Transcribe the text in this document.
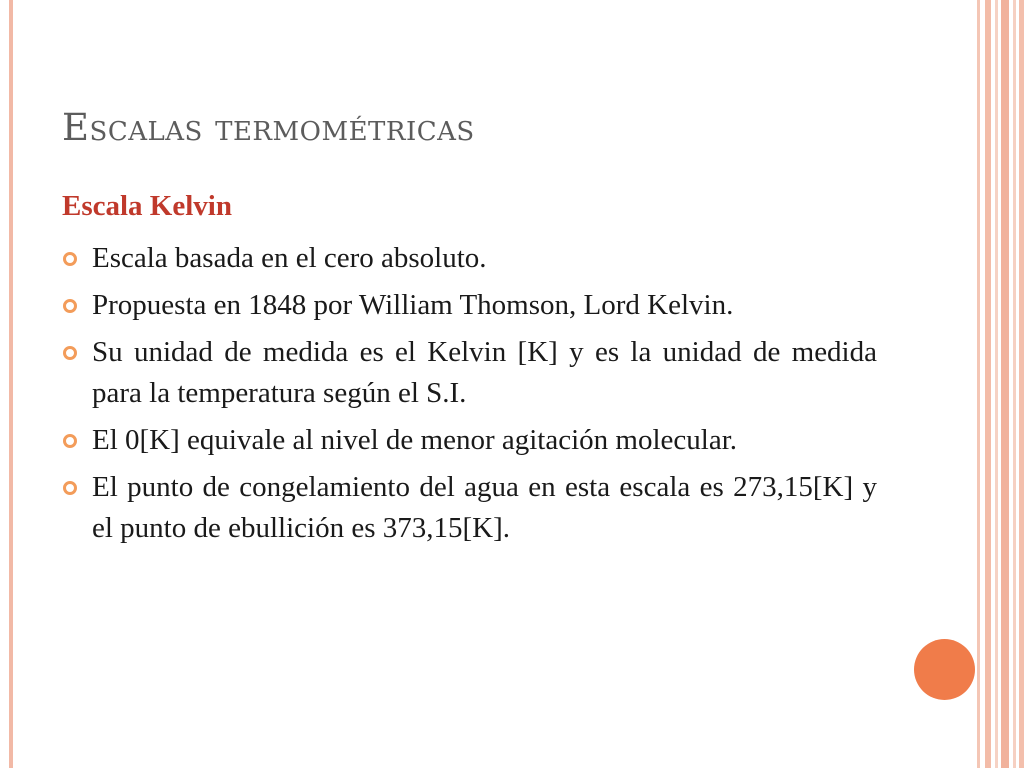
Escalas termométricas
Escala Kelvin
Escala basada en el cero absoluto.
Propuesta en 1848 por William Thomson, Lord Kelvin.
Su unidad de medida es el Kelvin [K] y es la unidad de medida para la temperatura según el S.I.
El 0[K] equivale al nivel de menor agitación molecular.
El punto de congelamiento del agua en esta escala es 273,15[K] y el punto de ebullición es 373,15[K].
